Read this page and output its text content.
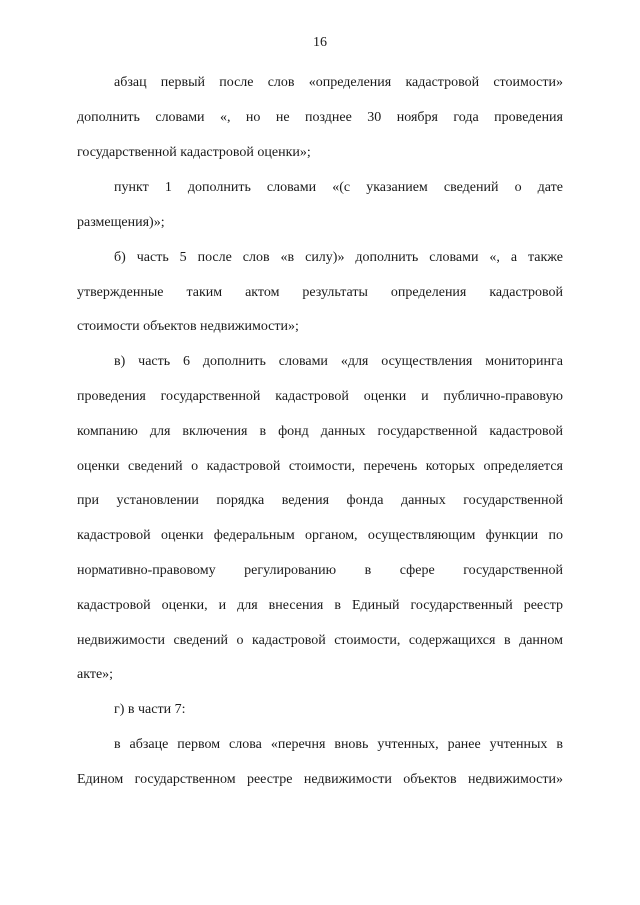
16
абзац первый после слов «определения кадастровой стоимости»
дополнить словами «, но не позднее 30 ноября года проведения
государственной кадастровой оценки»;
пункт 1 дополнить словами «(с указанием сведений о дате
размещения)»;
б) часть 5 после слов «в силу)» дополнить словами «, а также
утвержденные таким актом результаты определения кадастровой
стоимости объектов недвижимости»;
в) часть 6 дополнить словами «для осуществления мониторинга
проведения государственной кадастровой оценки и публично-правовую
компанию для включения в фонд данных государственной кадастровой
оценки сведений о кадастровой стоимости, перечень которых определяется
при установлении порядка ведения фонда данных государственной
кадастровой оценки федеральным органом, осуществляющим функции по
нормативно-правовому регулированию в сфере государственной
кадастровой оценки, и для внесения в Единый государственный реестр
недвижимости сведений о кадастровой стоимости, содержащихся в данном
акте»;
г) в части 7:
в абзаце первом слова «перечня вновь учтенных, ранее учтенных в
Едином государственном реестре недвижимости объектов недвижимости»
